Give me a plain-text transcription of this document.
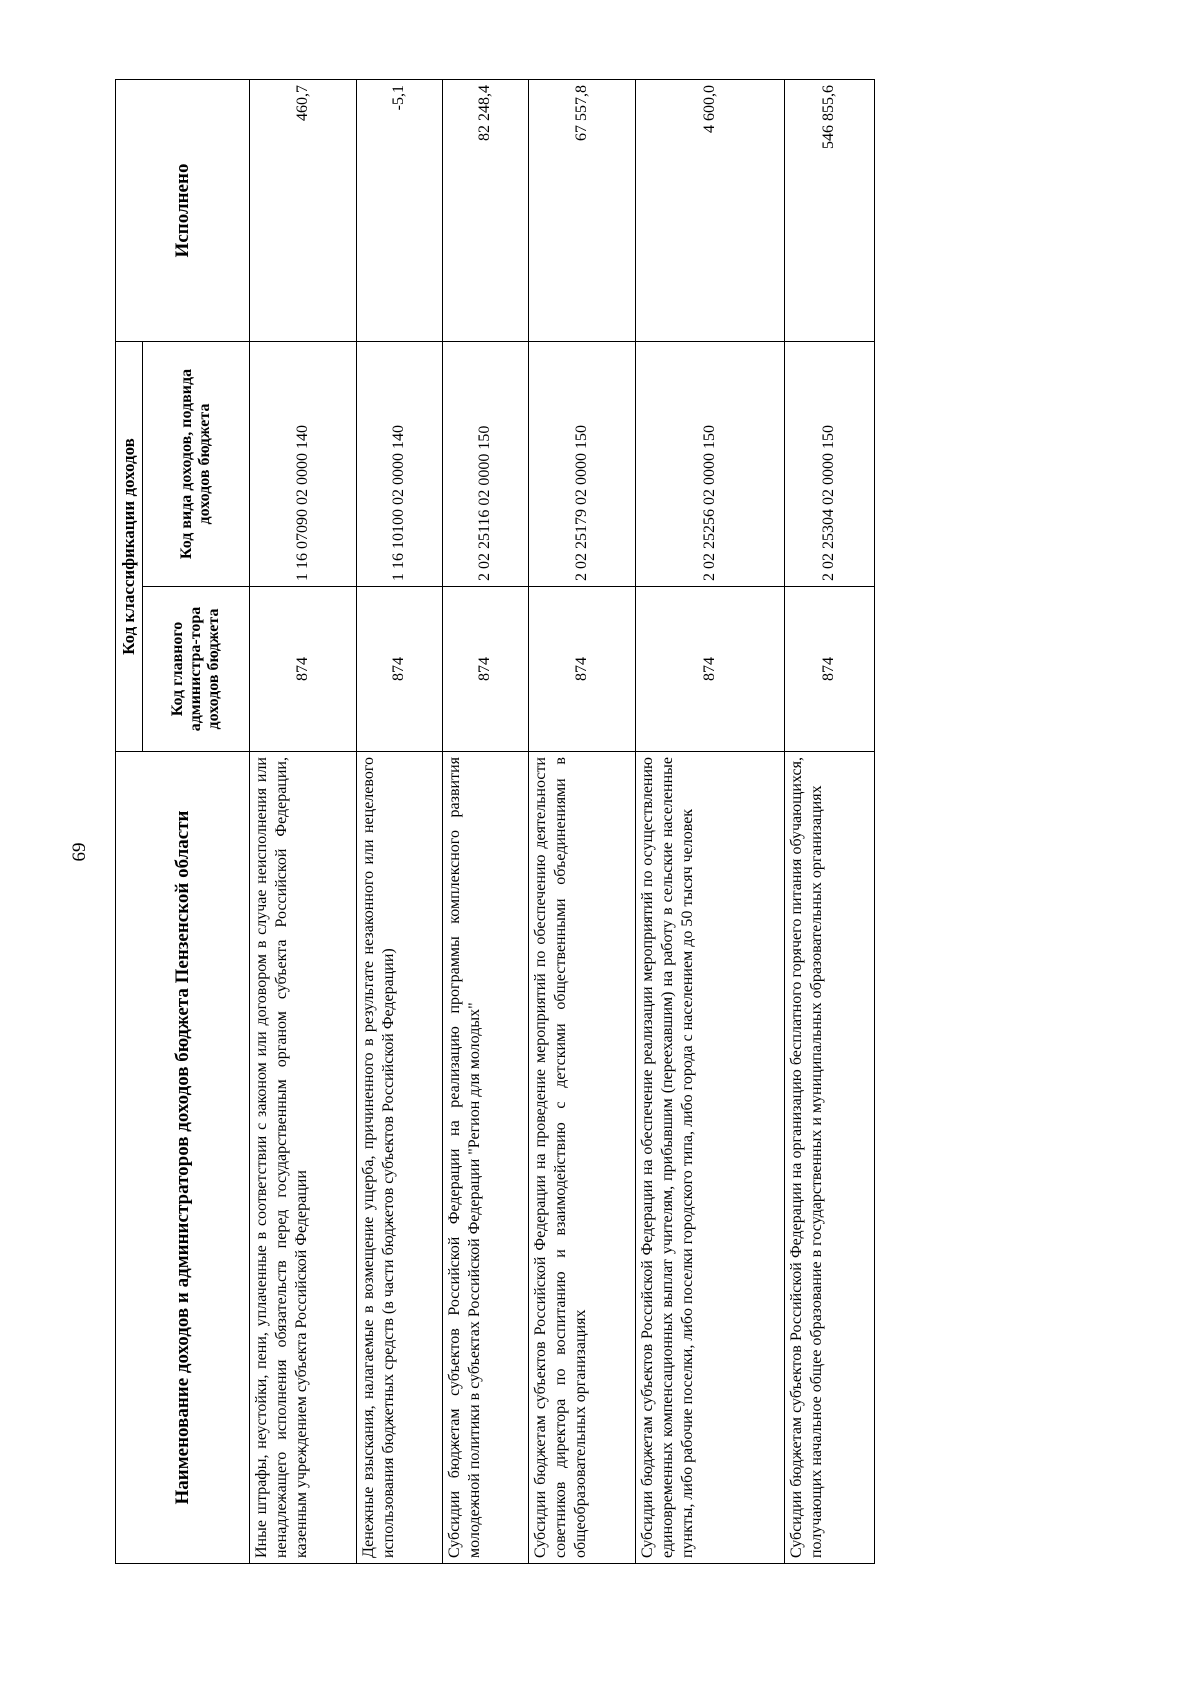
69	Наименование доходов и администраторов доходов бюджета Пензенской области	Код классификации доходов		Исполнено
	Код главного администра-тора доходов бюджета	Код вида доходов, подвида доходов бюджета	
Иные штрафы, неустойки, пени, уплаченные в соответствии с законом или договором в случае неисполнения или ненадлежащего исполнения обязательств перед государственным органом субъекта Российской Федерации, казенным учреждением субъекта Российской Федерации	874	1 16 07090 02 0000 140	460,7
Денежные взыскания, налагаемые в возмещение ущерба, причиненного в результате незаконного или нецелевого использования бюджетных средств (в части бюджетов субъектов Российской Федерации)	874	1 16 10100 02 0000 140	-5,1
Субсидии бюджетам субъектов Российской Федерации на реализацию программы комплексного развития молодежной политики в субъектах Российской Федерации "Регион для молодых"	874	2 02 25116 02 0000 150	82 248,4
Субсидии бюджетам субъектов Российской Федерации на проведение мероприятий по обеспечению деятельности советников директора по воспитанию и взаимодействию с детскими общественными объединениями в общеобразовательных организациях	874	2 02 25179 02 0000 150	67 557,8
Субсидии бюджетам субъектов Российской Федерации на обеспечение реализации мероприятий по осуществлению единовременных компенсационных выплат учителям, прибывшим (переехавшим) на работу в сельские населенные пункты, либо рабочие поселки, либо поселки городского типа, либо города с населением до 50 тысяч человек	874	2 02 25256 02 0000 150	4 600,0
Субсидии бюджетам субъектов Российской Федерации на организацию бесплатного горячего питания обучающихся, получающих начальное общее образование в государственных и муниципальных образовательных организациях	874	2 02 25304 02 0000 150	546 855,6
